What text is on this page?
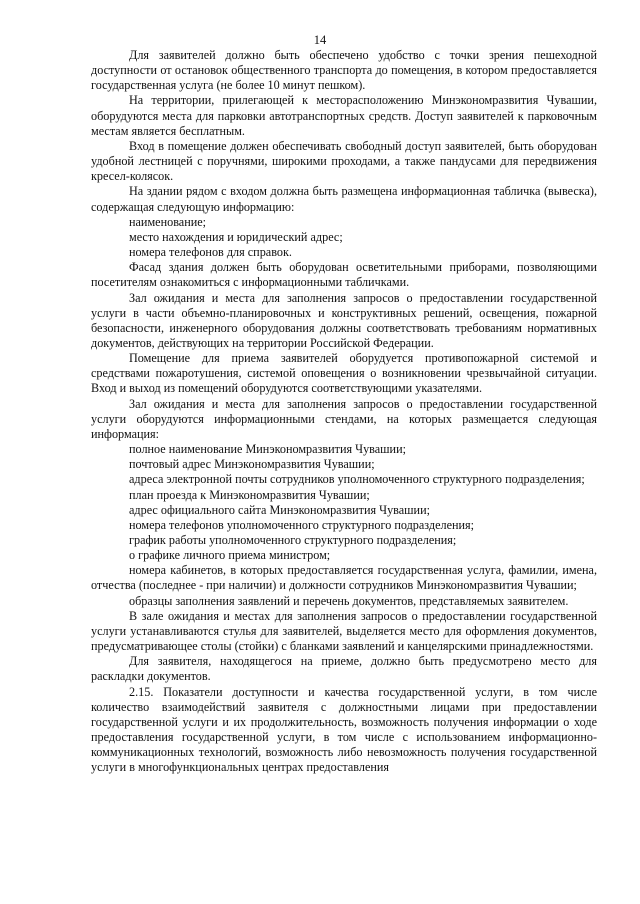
14

Для заявителей должно быть обеспечено удобство с точки зрения пешеходной доступности от остановок общественного транспорта до помещения, в котором предоставляется государственная услуга (не более 10 минут пешком).

На территории, прилегающей к месторасположению Минэкономразвития Чувашии, оборудуются места для парковки автотранспортных средств. Доступ заявителей к парковочным местам является бесплатным.

Вход в помещение должен обеспечивать свободный доступ заявителей, быть оборудован удобной лестницей с поручнями, широкими проходами, а также пандусами для передвижения кресел-колясок.

На здании рядом с входом должна быть размещена информационная табличка (вывеска), содержащая следующую информацию:

наименование;

место нахождения и юридический адрес;

номера телефонов для справок.

Фасад здания должен быть оборудован осветительными приборами, позволяющими посетителям ознакомиться с информационными табличками.

Зал ожидания и места для заполнения запросов о предоставлении государственной услуги в части объемно-планировочных и конструктивных решений, освещения, пожарной безопасности, инженерного оборудования должны соответствовать требованиям нормативных документов, действующих на территории Российской Федерации.

Помещение для приема заявителей оборудуется противопожарной системой и средствами пожаротушения, системой оповещения о возникновении чрезвычайной ситуации. Вход и выход из помещений оборудуются соответствующими указателями.

Зал ожидания и места для заполнения запросов о предоставлении государственной услуги оборудуются информационными стендами, на которых размещается следующая информация:

полное наименование Минэкономразвития Чувашии;

почтовый адрес Минэкономразвития Чувашии;

адреса электронной почты сотрудников уполномоченного структурного подразделения;

план проезда к Минэкономразвития Чувашии;

адрес официального сайта Минэкономразвития Чувашии;

номера телефонов уполномоченного структурного подразделения;

график работы уполномоченного структурного подразделения;

о графике личного приема министром;

номера кабинетов, в которых предоставляется государственная услуга, фамилии, имена, отчества (последнее - при наличии) и должности сотрудников Минэкономразвития Чувашии;

образцы заполнения заявлений и перечень документов, представляемых заявителем.

В зале ожидания и местах для заполнения запросов о предоставлении государственной услуги устанавливаются стулья для заявителей, выделяется место для оформления документов, предусматривающее столы (стойки) с бланками заявлений и канцелярскими принадлежностями.

Для заявителя, находящегося на приеме, должно быть предусмотрено место для раскладки документов.

2.15. Показатели доступности и качества государственной услуги, в том числе количество взаимодействий заявителя с должностными лицами при предоставлении государственной услуги и их продолжительность, возможность получения информации о ходе предоставления государственной услуги, в том числе с использованием информационно-коммуникационных технологий, возможность либо невозможность получения государственной услуги в многофункциональных центрах предоставления
